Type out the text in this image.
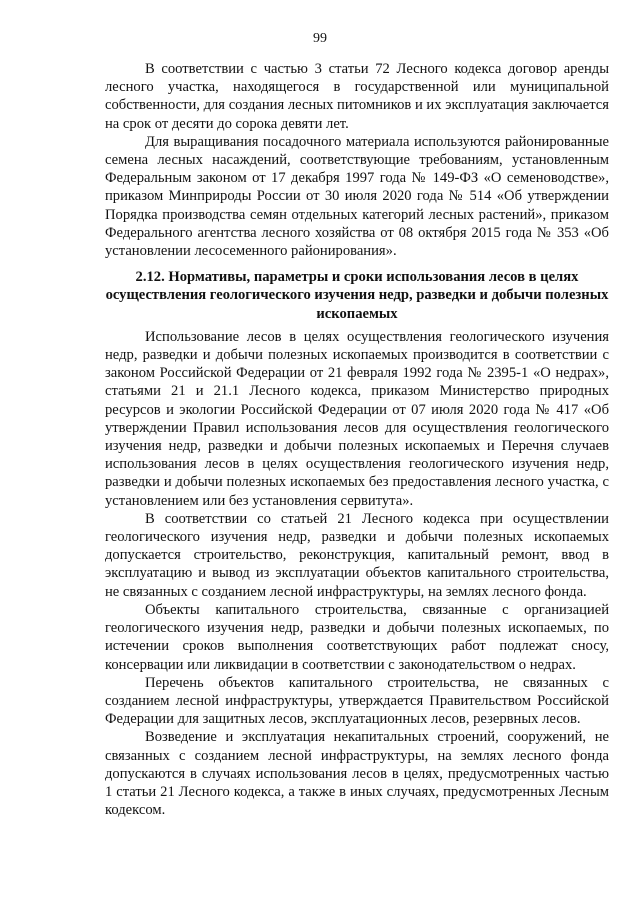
99

В соответствии с частью 3 статьи 72 Лесного кодекса договор аренды лесного участка, находящегося в государственной или муниципальной собственности, для создания лесных питомников и их эксплуатация заключается на срок от десяти до сорока девяти лет.

Для выращивания посадочного материала используются районированные семена лесных насаждений, соответствующие требованиям, установленным Федеральным законом от 17 декабря 1997 года № 149-ФЗ «О семеноводстве», приказом Минприроды России от 30 июля 2020 года № 514 «Об утверждении Порядка производства семян отдельных категорий лесных растений», приказом Федерального агентства лесного хозяйства от 08 октября 2015 года № 353 «Об установлении лесосеменного районирования».

2.12. Нормативы, параметры и сроки использования лесов в целях осуществления геологического изучения недр, разведки и добычи полезных ископаемых

Использование лесов в целях осуществления геологического изучения недр, разведки и добычи полезных ископаемых производится в соответствии с законом Российской Федерации от 21 февраля 1992 года № 2395-1 «О недрах», статьями 21 и 21.1 Лесного кодекса, приказом Министерство природных ресурсов и экологии Российской Федерации от 07 июля 2020 года № 417 «Об утверждении Правил использования лесов для осуществления геологического изучения недр, разведки и добычи полезных ископаемых и Перечня случаев использования лесов в целях осуществления геологического изучения недр, разведки и добычи полезных ископаемых без предоставления лесного участка, с установлением или без установления сервитута».

В соответствии со статьей 21 Лесного кодекса при осуществлении геологического изучения недр, разведки и добычи полезных ископаемых допускается строительство, реконструкция, капитальный ремонт, ввод в эксплуатацию и вывод из эксплуатации объектов капитального строительства, не связанных с созданием лесной инфраструктуры, на землях лесного фонда.

Объекты капитального строительства, связанные с организацией геологического изучения недр, разведки и добычи полезных ископаемых, по истечении сроков выполнения соответствующих работ подлежат сносу, консервации или ликвидации в соответствии с законодательством о недрах.

Перечень объектов капитального строительства, не связанных с созданием лесной инфраструктуры, утверждается Правительством Российской Федерации для защитных лесов, эксплуатационных лесов, резервных лесов.

Возведение и эксплуатация некапитальных строений, сооружений, не связанных с созданием лесной инфраструктуры, на землях лесного фонда допускаются в случаях использования лесов в целях, предусмотренных частью 1 статьи 21 Лесного кодекса, а также в иных случаях, предусмотренных Лесным кодексом.
